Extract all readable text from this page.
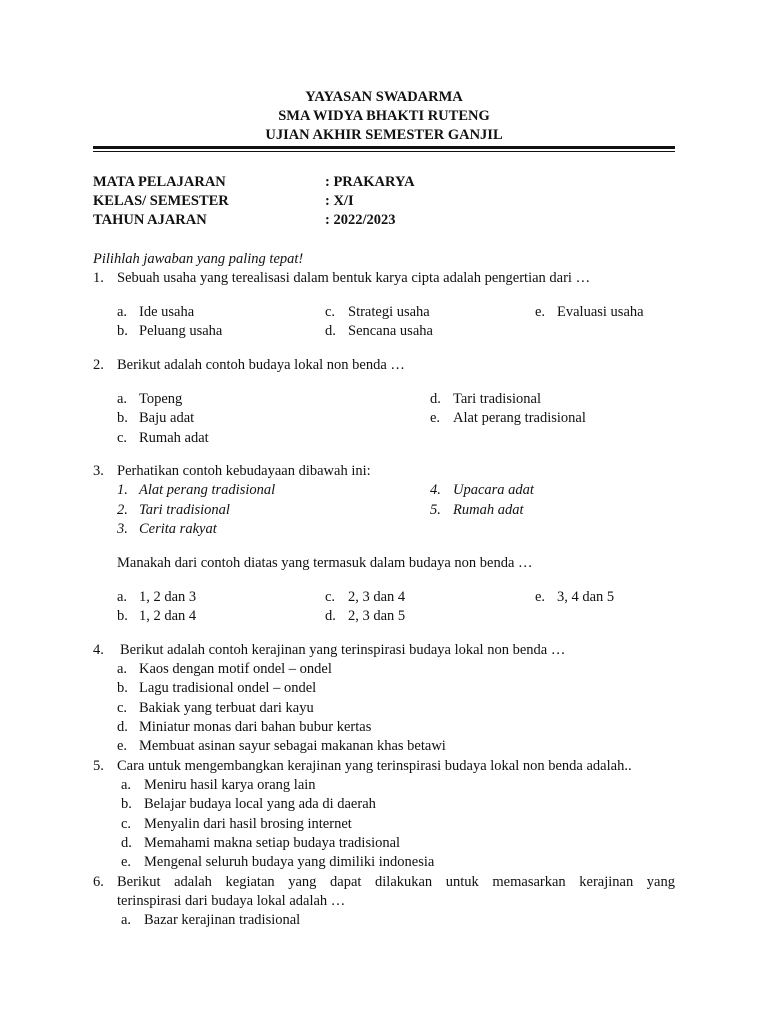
YAYASAN SWADARMA
SMA WIDYA BHAKTI RUTENG
UJIAN AKHIR SEMESTER GANJIL
MATA PELAJARAN	: PRAKARYA
KELAS/ SEMESTER	: X/I
TAHUN AJARAN	: 2022/2023
Pilihlah jawaban yang paling tepat!
1. Sebuah usaha yang terealisasi dalam bentuk karya cipta adalah pengertian dari …
a. Ide usaha	c. Strategi usaha	e. Evaluasi usaha
b. Peluang usaha	d. Sencana usaha
2. Berikut adalah contoh budaya lokal non benda …
a. Topeng	d. Tari tradisional
b. Baju adat	e. Alat perang tradisional
c. Rumah adat
3. Perhatikan contoh kebudayaan dibawah ini:
1. Alat perang tradisional	4. Upacara adat
2. Tari tradisional	5. Rumah adat
3. Cerita rakyat
Manakah dari contoh diatas yang termasuk dalam budaya non benda …
a. 1, 2 dan 3	c. 2, 3 dan 4	e. 3, 4 dan 5
b. 1, 2 dan 4	d. 2, 3 dan 5
4. Berikut adalah contoh kerajinan yang terinspirasi budaya lokal non benda …
a. Kaos dengan motif ondel – ondel
b. Lagu tradisional ondel – ondel
c. Bakiak yang terbuat dari kayu
d. Miniatur monas dari bahan bubur kertas
e. Membuat asinan sayur sebagai makanan khas betawi
5. Cara untuk mengembangkan kerajinan yang terinspirasi budaya lokal non benda adalah..
a. Meniru hasil karya orang lain
b. Belajar budaya local yang ada di daerah
c. Menyalin dari hasil brosing internet
d. Memahami makna setiap budaya tradisional
e. Mengenal seluruh budaya yang dimiliki indonesia
6. Berikut adalah kegiatan yang dapat dilakukan untuk memasarkan kerajinan yang
terinspirasi dari budaya lokal adalah …
a. Bazar kerajinan tradisional
